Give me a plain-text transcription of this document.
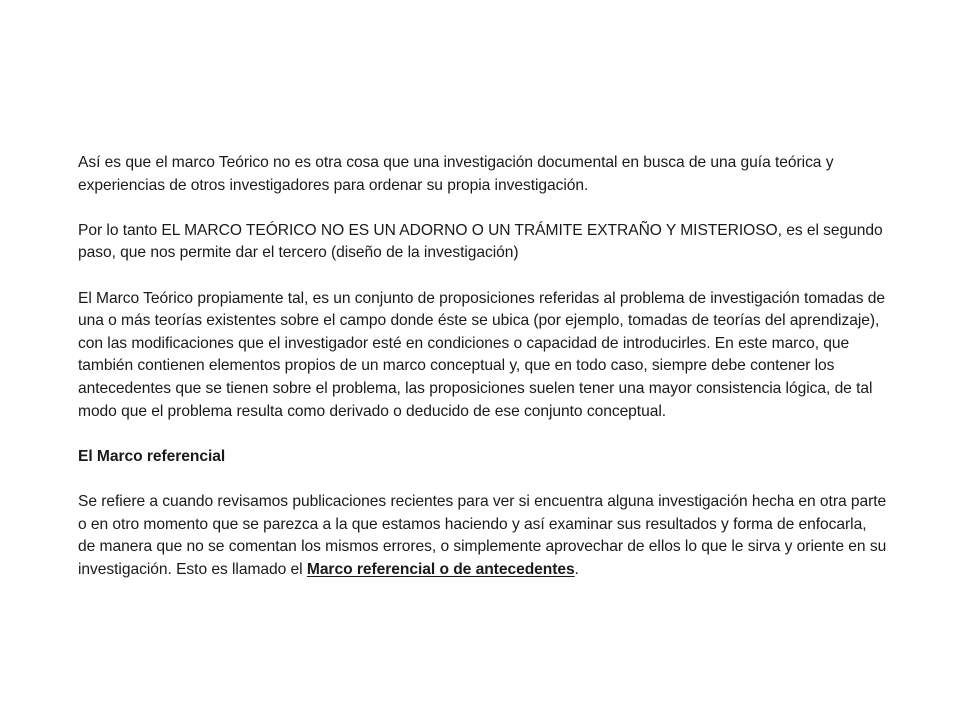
Así es que el marco Teórico no es otra cosa que una investigación documental en busca de una guía teórica y experiencias de otros investigadores para ordenar su propia investigación.

Por lo tanto EL MARCO TEÓRICO NO ES UN ADORNO O UN TRÁMITE EXTRAÑO Y MISTERIOSO, es el segundo paso, que nos permite dar el tercero (diseño de la investigación)

El Marco Teórico propiamente tal, es un conjunto de proposiciones referidas al problema de investigación tomadas de una o más teorías existentes sobre el campo donde éste se ubica (por ejemplo, tomadas de teorías del aprendizaje), con las modificaciones que el investigador esté en condiciones o capacidad de introducirles. En este marco, que también contienen elementos propios de un marco conceptual y, que en todo caso, siempre debe contener los antecedentes que se tienen sobre el problema, las proposiciones suelen tener una mayor consistencia lógica, de tal modo que el problema resulta como derivado o deducido de ese conjunto conceptual.

El Marco referencial

Se refiere a cuando revisamos publicaciones recientes para ver si encuentra alguna investigación hecha en otra parte o en otro momento que se parezca a la que estamos haciendo y así examinar sus resultados y forma de enfocarla, de manera que no se comentan los mismos errores, o simplemente aprovechar de ellos lo que le sirva y oriente en su investigación. Esto es llamado el Marco referencial o de antecedentes.
